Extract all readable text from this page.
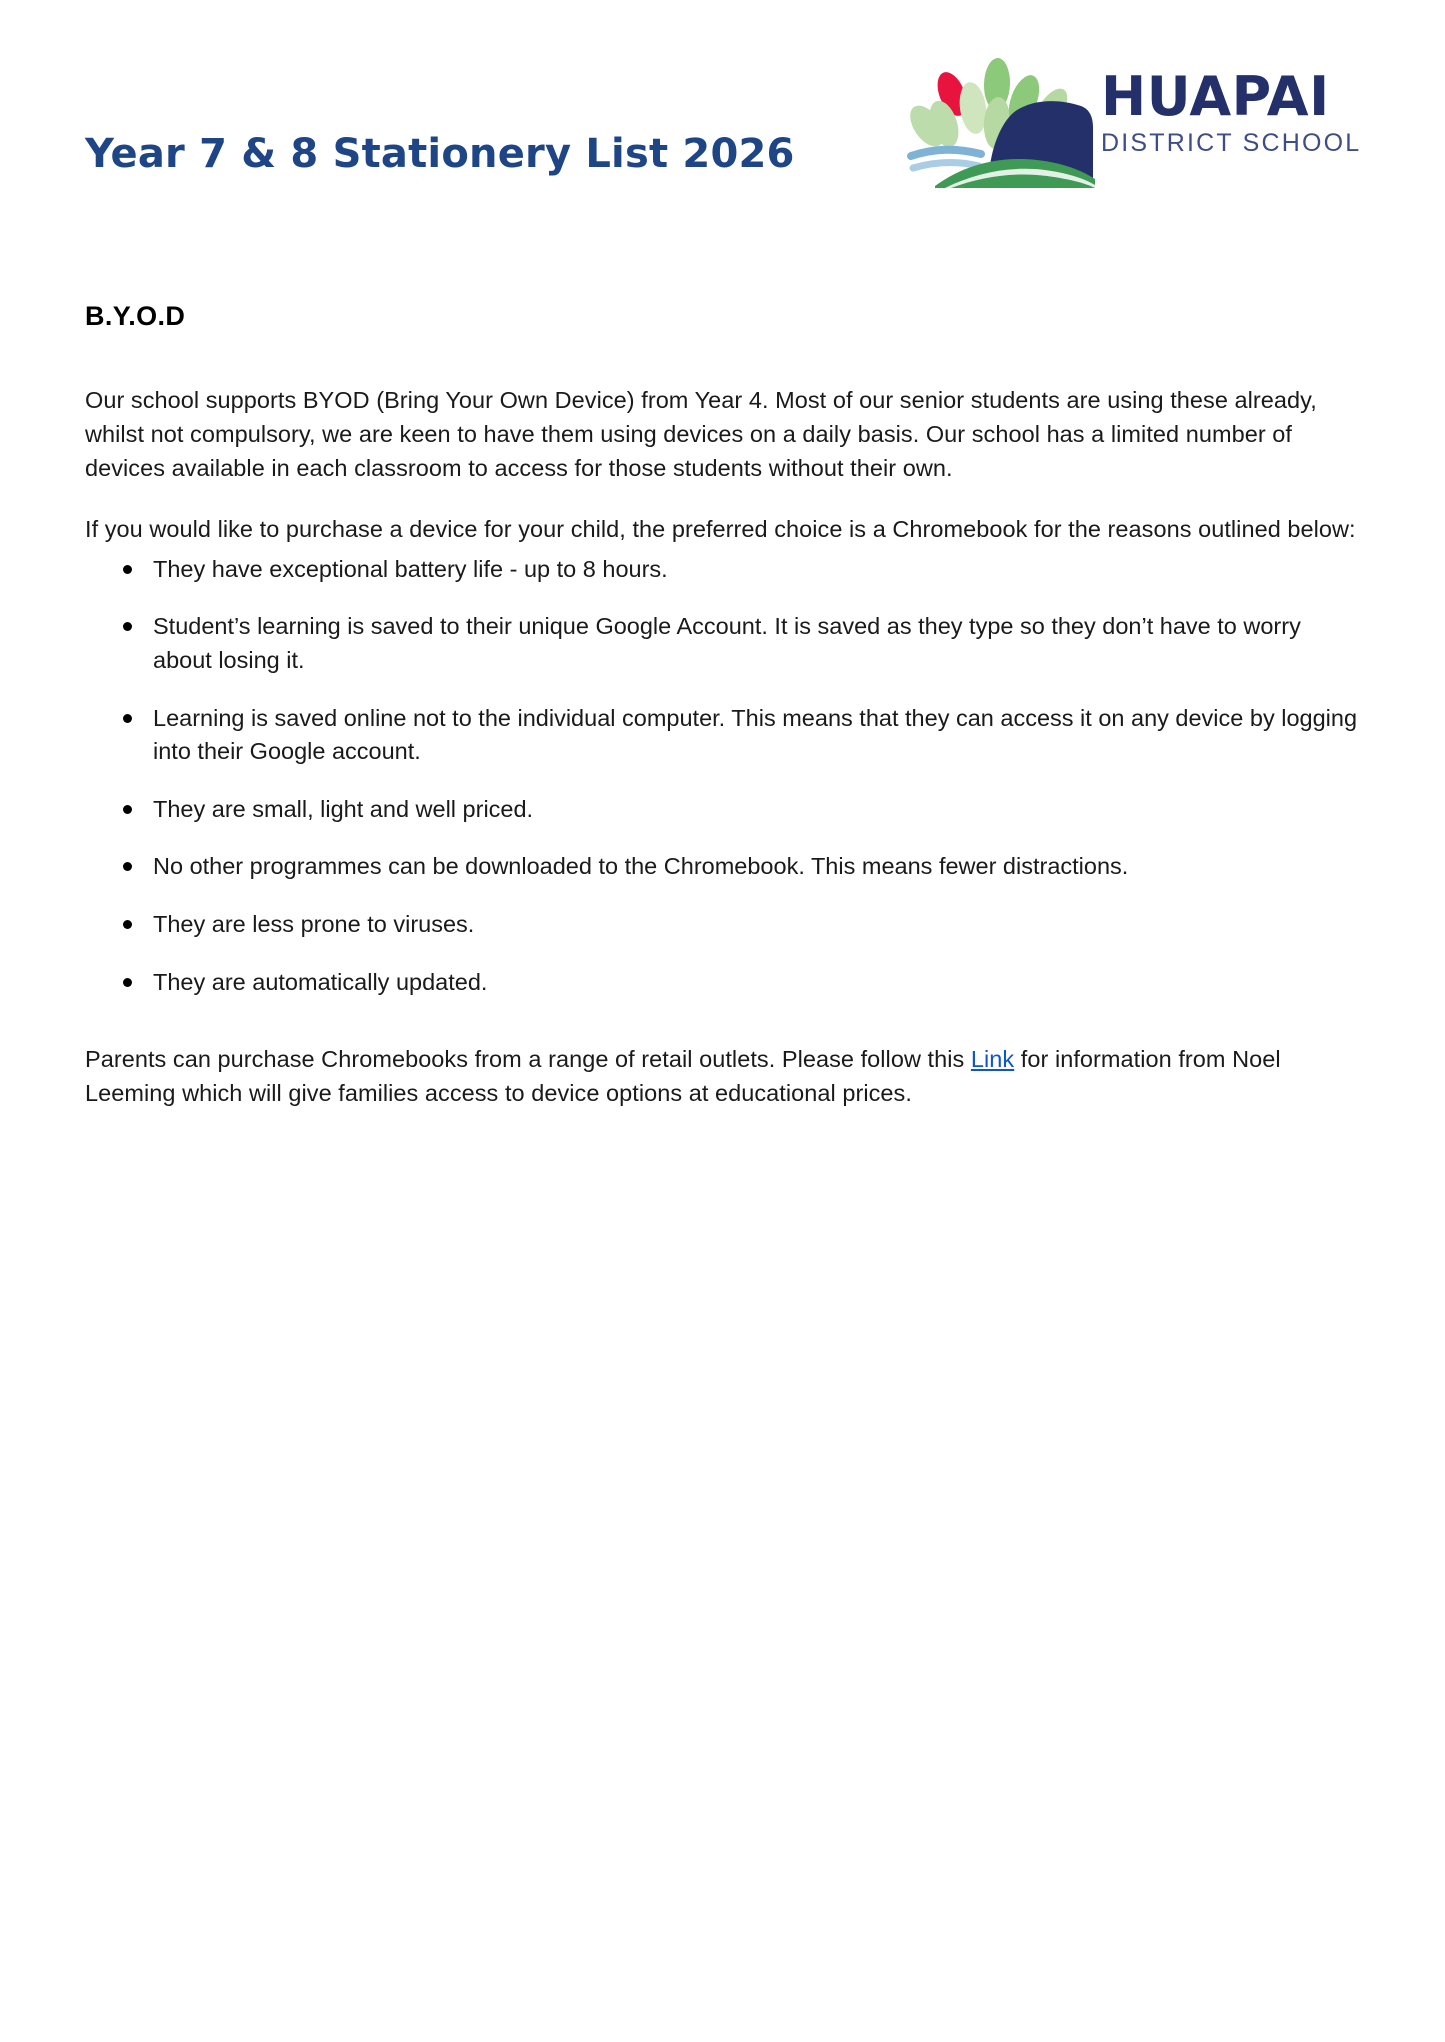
Year 7 & 8 Stationery List 2026
HUAPAI
DISTRICT SCHOOL
B.Y.O.D

Our school supports BYOD (Bring Your Own Device) from Year 4. Most of our senior students are using these already, whilst not compulsory, we are keen to have them using devices on a daily basis. Our school has a limited number of devices available in each classroom to access for those students without their own.

If you would like to purchase a device for your child, the preferred choice is a Chromebook for the reasons outlined below:

They have exceptional battery life - up to 8 hours.
Student’s learning is saved to their unique Google Account. It is saved as they type so they don’t have to worry about losing it.
Learning is saved online not to the individual computer. This means that they can access it on any device by logging into their Google account.
They are small, light and well priced.
No other programmes can be downloaded to the Chromebook. This means fewer distractions.
They are less prone to viruses.
They are automatically updated.

Parents can purchase Chromebooks from a range of retail outlets. Please follow this Link for information from Noel Leeming which will give families access to device options at educational prices.
